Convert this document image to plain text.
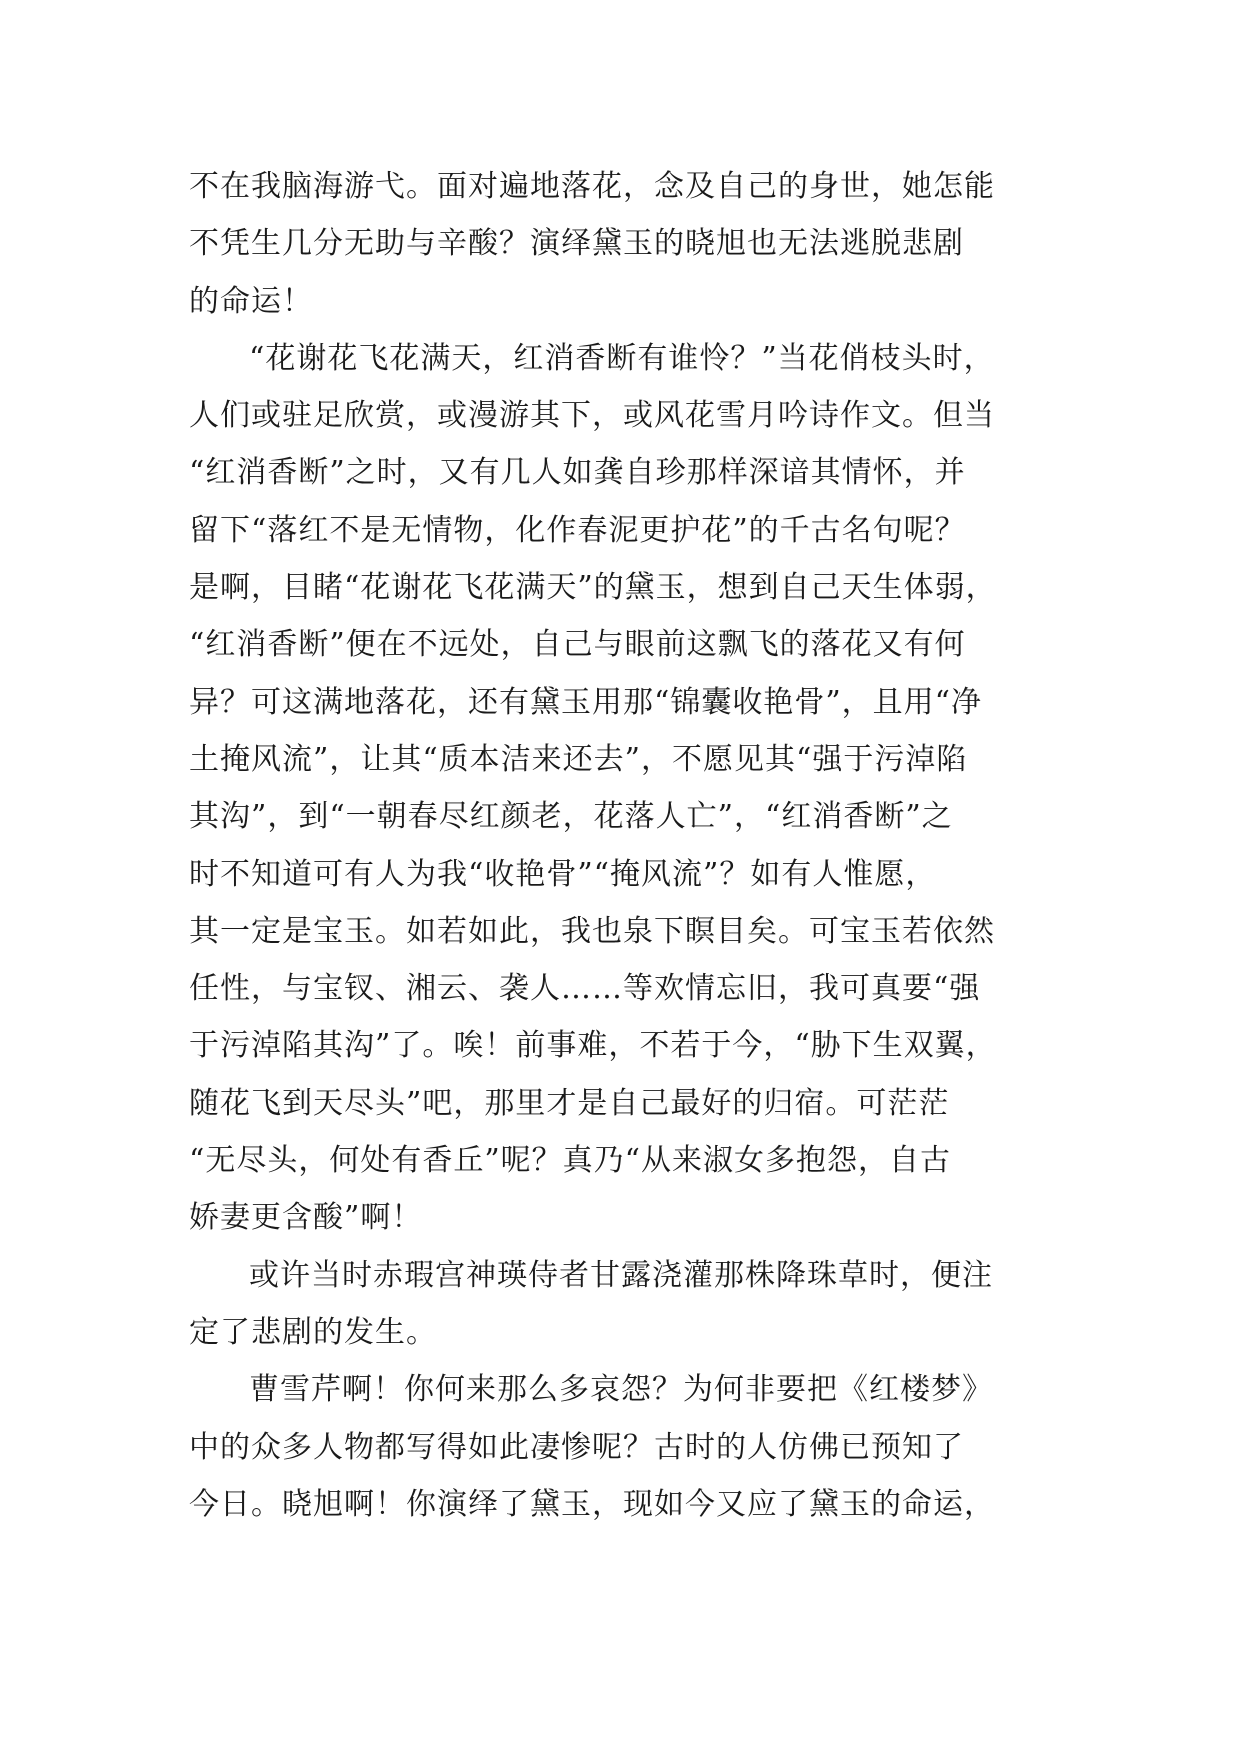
不在我脑海游弋。面对遍地落花，念及自己的身世，她怎能
不凭生几分无助与辛酸？演绎黛玉的晓旭也无法逃脱悲剧
的命运！
“花谢花飞花满天，红消香断有谁怜？”当花俏枝头时，
人们或驻足欣赏，或漫游其下，或风花雪月吟诗作文。但当
“红消香断”之时，又有几人如龚自珍那样深谙其情怀，并
留下“落红不是无情物，化作春泥更护花”的千古名句呢？
是啊，目睹“花谢花飞花满天”的黛玉，想到自己天生体弱，
“红消香断”便在不远处，自己与眼前这飘飞的落花又有何
异？可这满地落花，还有黛玉用那“锦囊收艳骨”，且用“净
土掩风流”，让其“质本洁来还去”，不愿见其“强于污淖陷
其沟”，到“一朝春尽红颜老，花落人亡”，“红消香断”之
时不知道可有人为我“收艳骨”“掩风流”？如有人惟愿，
其一定是宝玉。如若如此，我也泉下瞑目矣。可宝玉若依然
任性，与宝钗、湘云、袭人……等欢情忘旧，我可真要“强
于污淖陷其沟”了。唉！前事难，不若于今，“胁下生双翼，
随花飞到天尽头”吧，那里才是自己最好的归宿。可茫茫
“无尽头，何处有香丘”呢？真乃“从来淑女多抱怨，自古
娇妻更含酸”啊！
或许当时赤瑕宫神瑛侍者甘露浇灌那株降珠草时，便注
定了悲剧的发生。
曹雪芹啊！你何来那么多哀怨？为何非要把《红楼梦》
中的众多人物都写得如此凄惨呢？古时的人仿佛已预知了
今日。晓旭啊！你演绎了黛玉，现如今又应了黛玉的命运，
